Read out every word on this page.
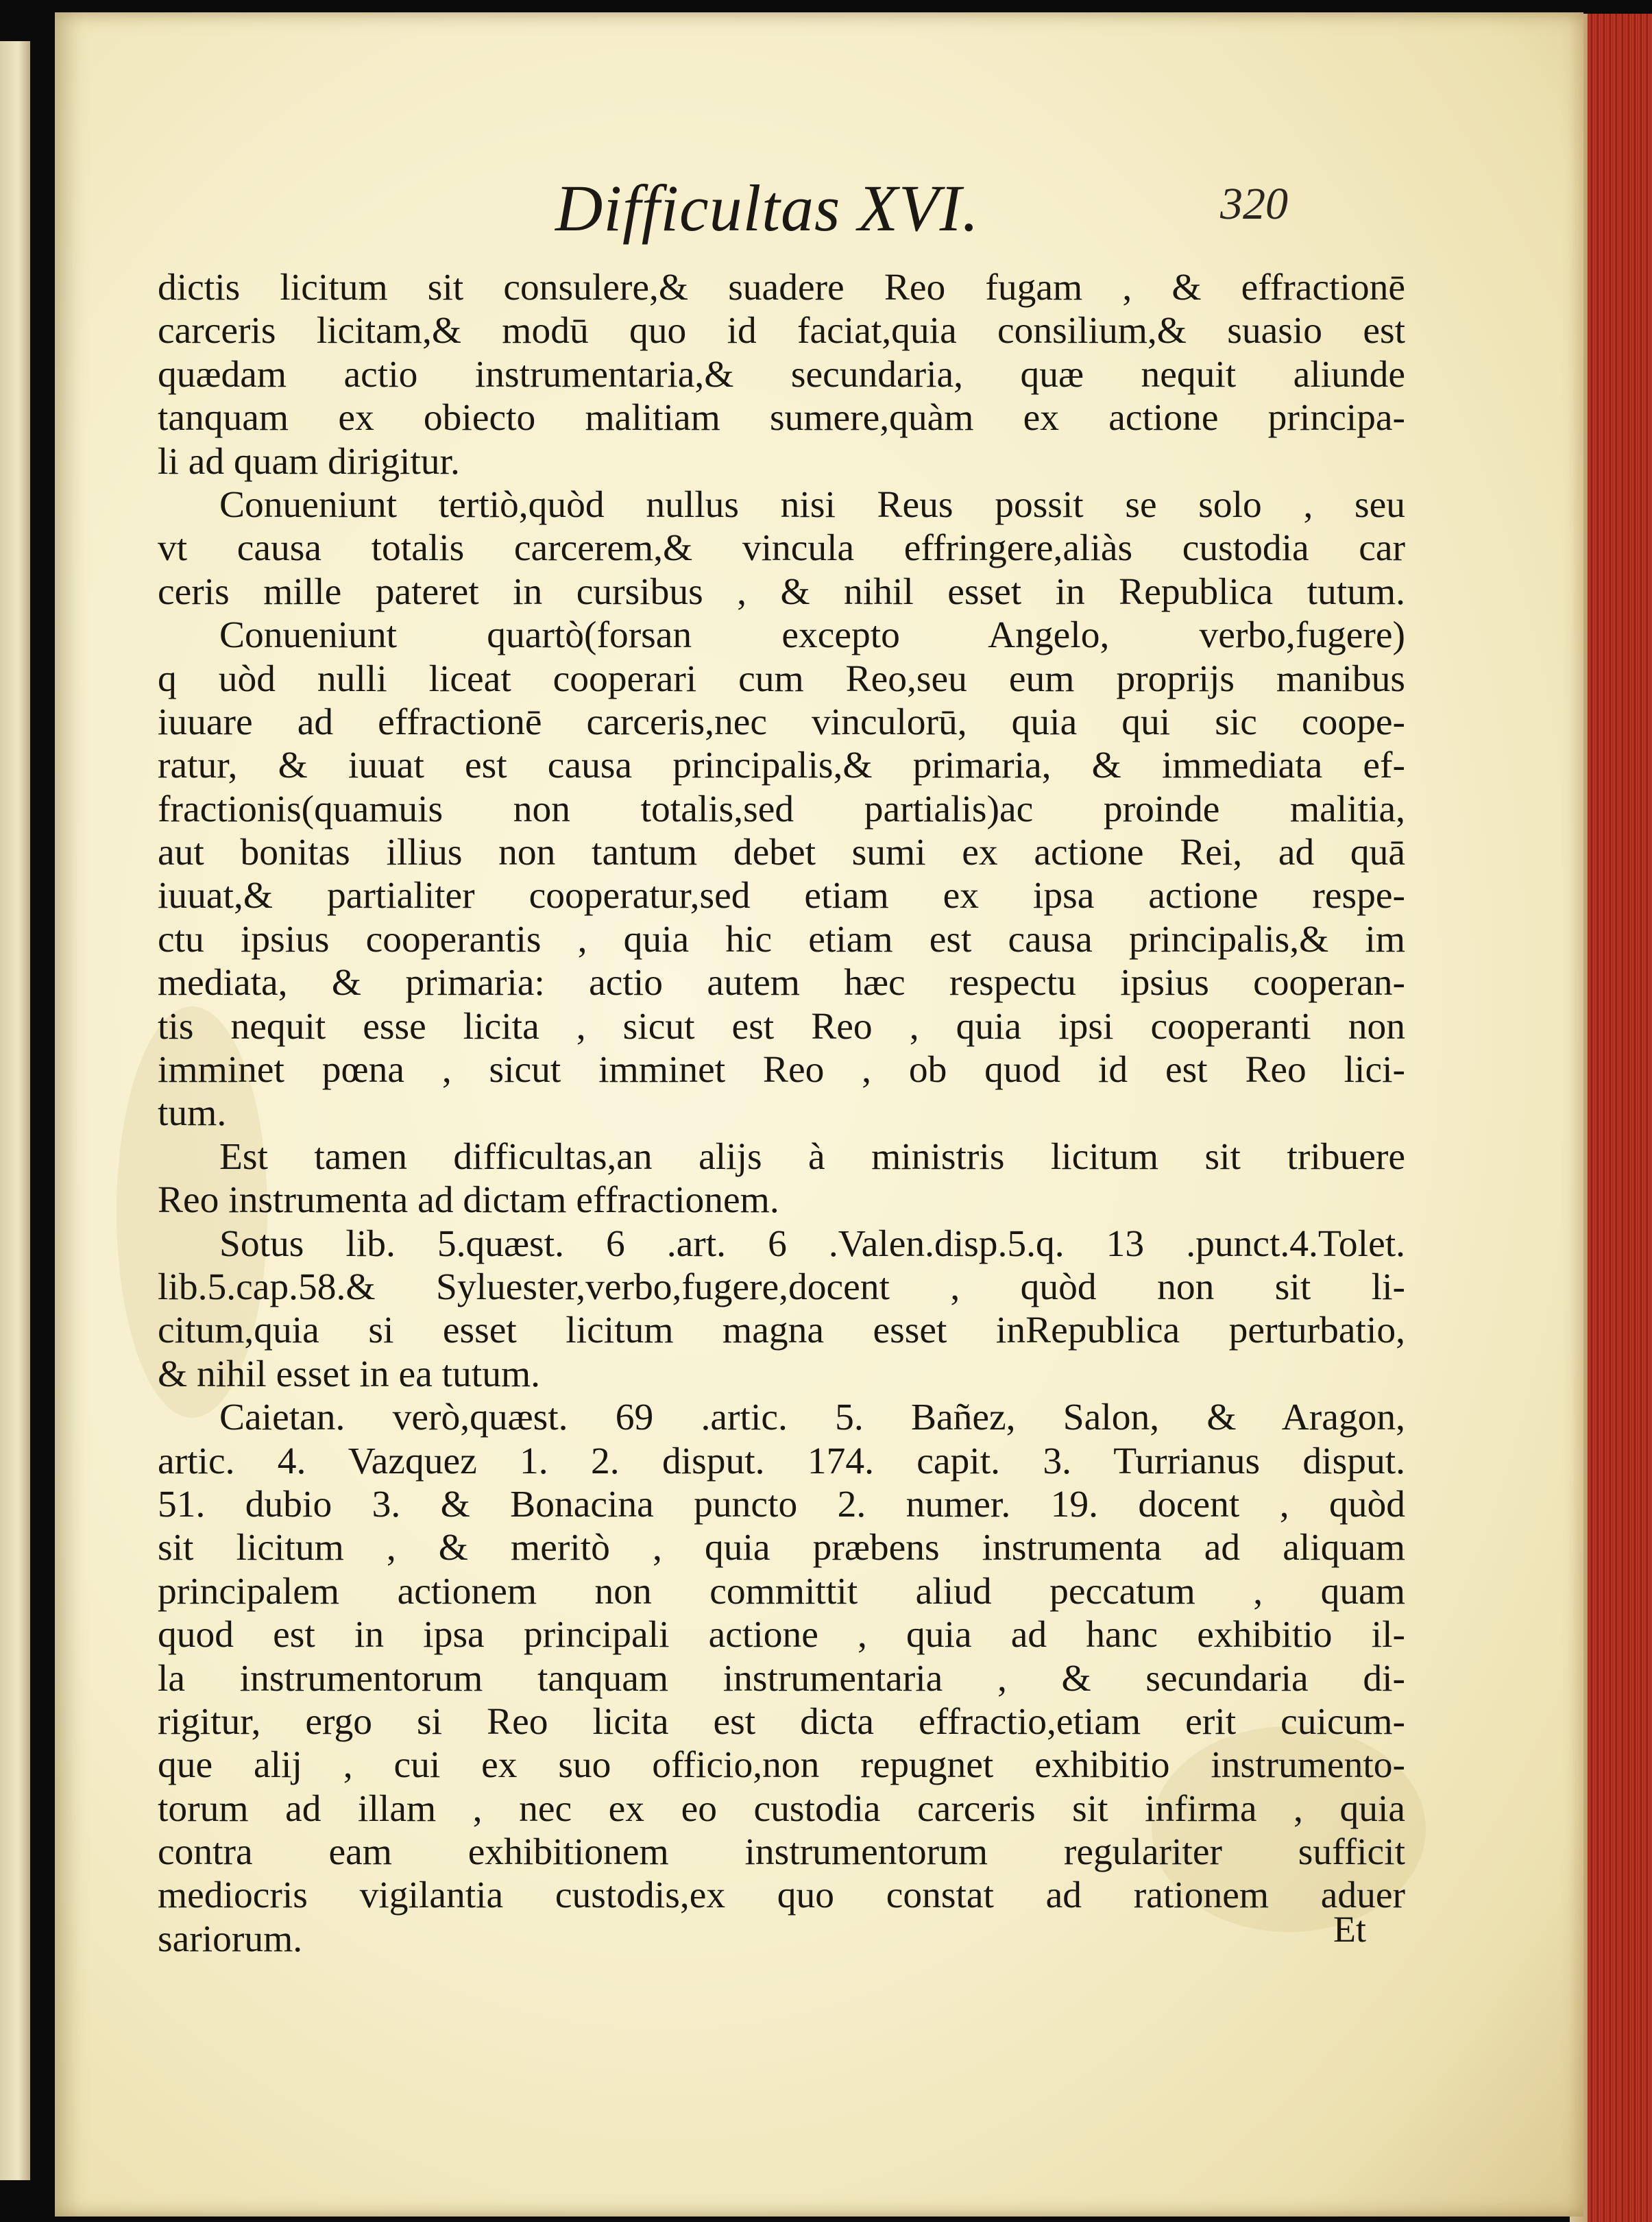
Difficultas XVI.	320
dictis licitum sit consulere,& suadere Reo fugam , & effractionē
carceris licitam,& modū quo id faciat,quia consilium,& suasio est
quædam actio instrumentaria,& secundaria, quæ nequit aliunde
tanquam ex obiecto malitiam sumere,quàm ex actione principa-
li ad quam dirigitur.
Conueniunt tertiò,quòd nullus nisi Reus possit se solo , seu
vt causa totalis carcerem,& vincula effringere,aliàs custodia car
ceris mille pateret in cursibus , & nihil esset in Republica tutum.
Conueniunt quartò(forsan excepto Angelo, verbo,fugere)
q uòd nulli liceat cooperari cum Reo,seu eum proprijs manibus
iuuare ad effractionē carceris,nec vinculorū, quia qui sic coope-
ratur, & iuuat est causa principalis,& primaria, & immediata ef-
fractionis(quamuis non totalis,sed partialis)ac proinde malitia,
aut bonitas illius non tantum debet sumi ex actione Rei, ad quā
iuuat,& partialiter cooperatur,sed etiam ex ipsa actione respe-
ctu ipsius cooperantis , quia hic etiam est causa principalis,& im
mediata, & primaria: actio autem hæc respectu ipsius cooperan-
tis nequit esse licita , sicut est Reo , quia ipsi cooperanti non
imminet pœna , sicut imminet Reo , ob quod id est Reo lici-
tum.
Est tamen difficultas,an alijs à ministris licitum sit tribuere
Reo instrumenta ad dictam effractionem.
Sotus lib. 5.quæst. 6 .art. 6 .Valen.disp.5.q. 13 .punct.4.Tolet.
lib.5.cap.58.& Syluester,verbo,fugere,docent , quòd non sit li-
citum,quia si esset licitum magna esset inRepublica perturbatio,
& nihil esset in ea tutum.
Caietan. verò,quæst. 69 .artic. 5. Bañez, Salon, & Aragon,
artic. 4. Vazquez 1. 2. disput. 174. capit. 3. Turrianus disput.
51. dubio 3. & Bonacina puncto 2. numer. 19. docent , quòd
sit licitum , & meritò , quia præbens instrumenta ad aliquam
principalem actionem non committit aliud peccatum , quam
quod est in ipsa principali actione , quia ad hanc exhibitio il-
la instrumentorum tanquam instrumentaria , & secundaria di-
rigitur, ergo si Reo licita est dicta effractio,etiam erit cuicum-
que alij , cui ex suo officio,non repugnet exhibitio instrumento-
torum ad illam , nec ex eo custodia carceris sit infirma , quia
contra eam exhibitionem instrumentorum regulariter sufficit
mediocris vigilantia custodis,ex quo constat ad rationem aduer
sariorum.	Et
